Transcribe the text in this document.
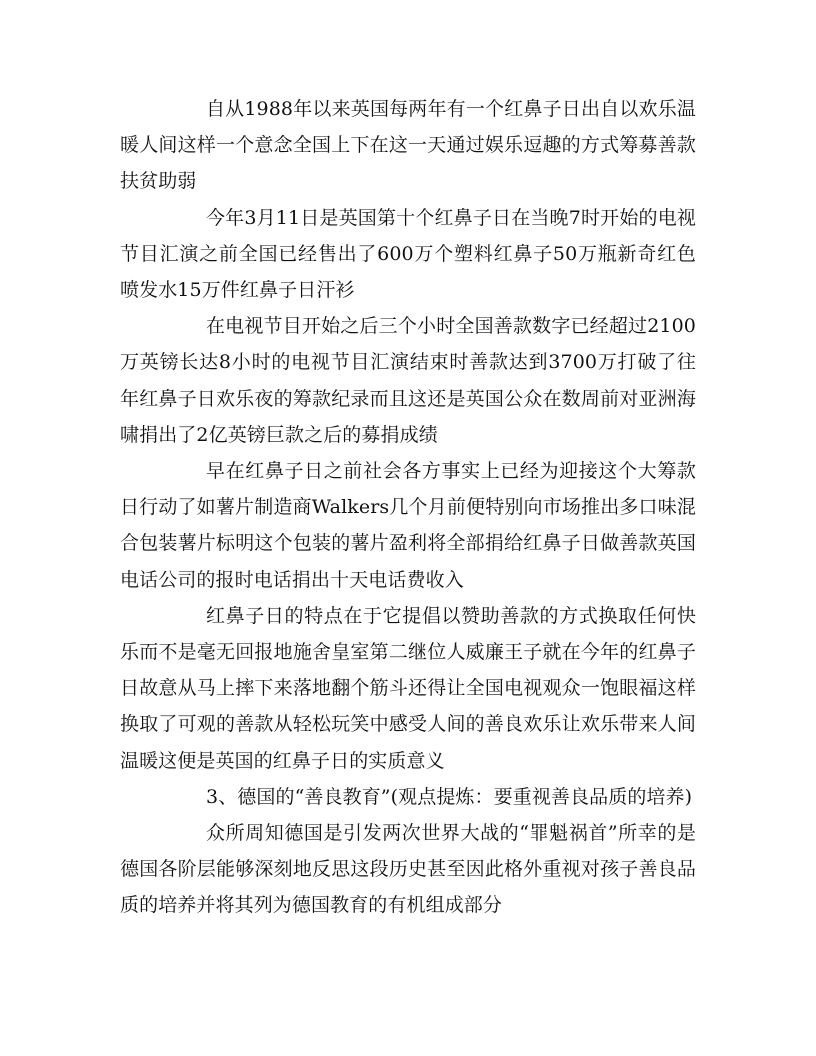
自从1988年以来英国每两年有一个红鼻子日出自以欢乐温暖人间这样一个意念全国上下在这一天通过娱乐逗趣的方式筹募善款扶贫助弱

今年3月11日是英国第十个红鼻子日在当晚7时开始的电视节目汇演之前全国已经售出了600万个塑料红鼻子50万瓶新奇红色喷发水15万件红鼻子日汗衫

在电视节目开始之后三个小时全国善款数字已经超过2100万英镑长达8小时的电视节目汇演结束时善款达到3700万打破了往年红鼻子日欢乐夜的筹款纪录而且这还是英国公众在数周前对亚洲海啸捐出了2亿英镑巨款之后的募捐成绩

早在红鼻子日之前社会各方事实上已经为迎接这个大筹款日行动了如薯片制造商Walkers几个月前便特别向市场推出多口味混合包装薯片标明这个包装的薯片盈利将全部捐给红鼻子日做善款英国电话公司的报时电话捐出十天电话费收入

红鼻子日的特点在于它提倡以赞助善款的方式换取任何快乐而不是毫无回报地施舍皇室第二继位人威廉王子就在今年的红鼻子日故意从马上摔下来落地翻个筋斗还得让全国电视观众一饱眼福这样换取了可观的善款从轻松玩笑中感受人间的善良欢乐让欢乐带来人间温暖这便是英国的红鼻子日的实质意义

3、德国的“善良教育”(观点提炼：要重视善良品质的培养)

众所周知德国是引发两次世界大战的“罪魁祸首”所幸的是德国各阶层能够深刻地反思这段历史甚至因此格外重视对孩子善良品质的培养并将其列为德国教育的有机组成部分
